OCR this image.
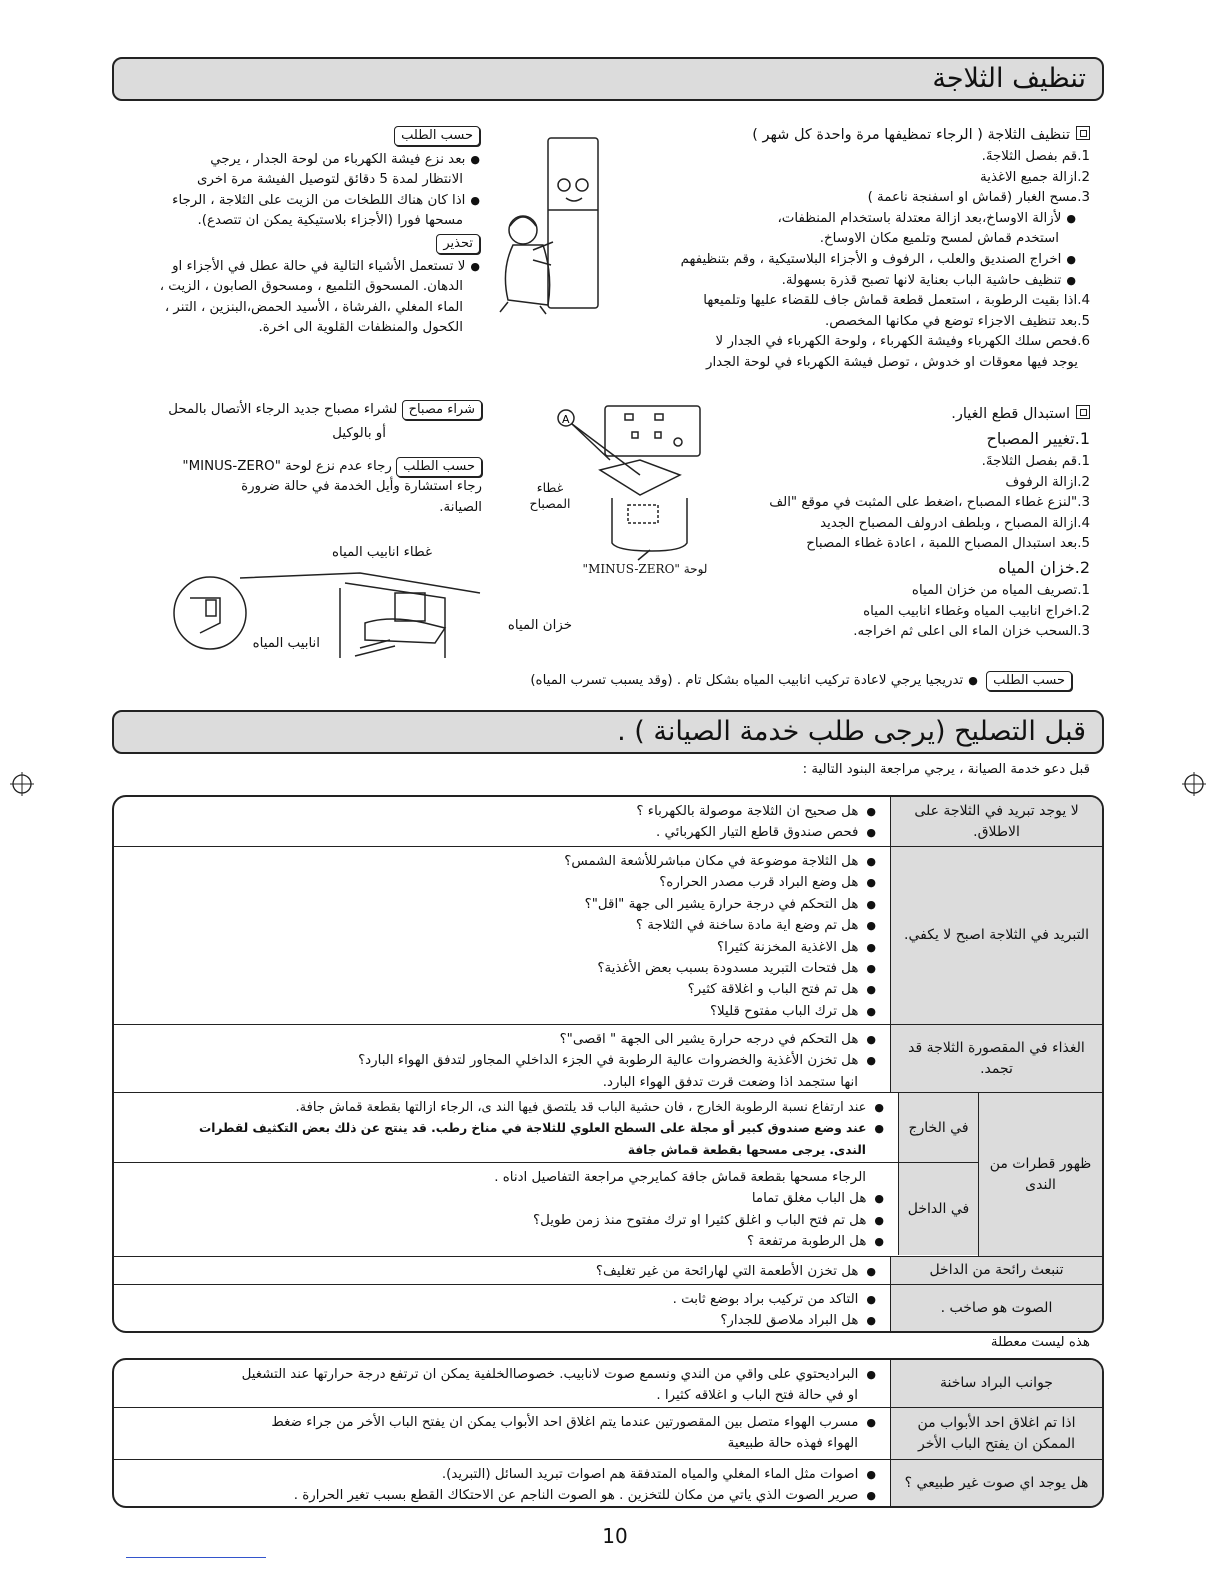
تنظيف الثلاجة
تنظيف الثلاجة ( الرجاء تمظيفها مرة واحدة كل شهر )
1.قم بفصل الثلاجةَ.
2.ازالة جميع الاغذية
3.مسح الغبار (قماش او اسفنجة ناعمة )
● لأزالة الاوساخ،بعد ازالة معتدلة باستخدام المنظفات،
استخدم قماش لمسح وتلميع مكان الاوساخ.
● اخراج الصنديق والعلب ، الرفوف و الأجزاء البلاستيكية ، وقم بتنظيفهم
● تنظيف حاشية الباب بعناية لانها تصبح قذرة بسهولة.
4.اذا بقيت الرطوبة ، استعمل قطعة قماش جاف للقضاء عليها وتلميعها
5.بعد تنظيف الاجزاء توضع في مكانها المخصص.
6.فحص سلك الكهرباء وفيشة الكهرباء ، ولوحة الكهرباء في الجدار لا
يوجد فيها معوقات او خدوش ، توصل فيشة الكهرباء في لوحة الجدار
حسب الطلب
● بعد نزع فيشة الكهرباء من لوحة الجدار ، يرجي
الانتظار لمدة 5 دقائق لتوصيل الفيشة مرة اخرى
● اذا كان هناك اللطخات من الزيت على الثلاجة ، الرجاء
مسحها فورا (الأجزاء بلاستيكية يمكن ان تتصدع).
تحذير
● لا تستعمل الأشياء التالية في حالة عطل في الأجزاء او
الدهان. المسحوق التلميع ، ومسحوق الصابون ، الزيت ،
الماء المغلي ،الفرشاة ، الأسيد الحمض،البنزين ، التنر ،
الكحول والمنظفات القلوية الى اخرة.
استبدال قطع الغيار.
1.تغيير المصباح
1.قم بفصل الثلاجةَ.
2.ازالة الرفوف
3."لنزع غطاء المصباح ،اضغط على المثبت في موقع "الف
4.ازالة المصباح ، وبلطف ادرولف المصباح الجديد
5.بعد استبدال المصباح اللمبة ، اعادة غطاء المصباح
2.خزان المياه
1.تصريف المياه من خزان المياه
2.اخراج انابيب المياه وغطاء انابيب المياه
3.السحب خزان الماء الى اعلى ثم اخراجه.
حسب الطلب ● تدريجيا يرجي لاعادة تركيب انابيب المياه بشكل تام . (وقد يسبب تسرب المياه)
A
غطاء المصباح
لوحة "MINUS-ZERO"
شراء مصباح لشراء مصباح جديد الرجاء الأتصال بالمحل
أو بالوكيل
حسب الطلب رجاء عدم نزع لوحة "MINUS-ZERO"
رجاء استشارة وأيل الخدمة في حالة ضرورة
الصيانة.
غطاء انابيب المياه
خزان المياه
انابيب المياه
قبل التصليح (يرجى طلب خدمة الصيانة ) .
قبل دعو خدمة الصيانة ، يرجي مراجعة البنود التالية :
لا يوجد تبريد في الثلاجة على الاطلاق.
● هل صحيح ان الثلاجة موصولة بالكهرباء ؟
● فحص صندوق قاطع التيار الكهربائي .
التبريد في الثلاجة اصبح لا يكفي.
● هل الثلاجة موضوعة في مكان مباشرللأشعة الشمس؟
● هل وضع البراد قرب مصدر الحراره؟
● هل التحكم في درجة حرارة يشير الى جهة "اقل"؟
● هل تم وضع اية مادة ساخنة في الثلاجة ؟
● هل الاغذية المخزنة كثيرا؟
● هل فتحات التبريد مسدودة بسبب بعض الأغذية؟
● هل تم فتح الباب و اغلاقة كثير؟
● هل ترك الباب مفتوح قليلا؟
الغذاء في المقصورة الثلاجة قد تجمد.
● هل التحكم في درجه حرارة يشير الى الجهة " اقصى"؟
● هل تخزن الأغذية والخضروات عالية الرطوبة في الجزء الداخلي المجاور لتدفق الهواء البارد؟
انها ستجمد اذا وضعت قرت تدفق الهواء البارد.
ظهور قطرات من الندى
في الخارج
● عند ارتفاع نسبة الرطوبة الخارج ، فان حشية الباب قد يلتصق فيها الند ى، الرجاء ازالتها بقطعة قماش جافة.
● عند وضع صندوق كبير أو مجلة على السطح العلوي للثلاجة في مناخ رطب. قد ينتج عن ذلك بعض التكثيف لقطرات
الندى. يرجى مسحها بقطعة قماش جافة
في الداخل
الرجاء مسحها بقطعة قماش جافة كمايرجي مراجعة التفاصيل ادناه .
● هل الباب مغلق تماما
● هل تم فتح الباب و اغلق كثيرا او ترك مفتوح منذ زمن طويل؟
● هل الرطوبة مرتفعة ؟
تنبعث رائحة من الداخل
● هل تخزن الأطعمة التي لهارائحة من غير تغليف؟
الصوت هو صاخب .
● التاكد من تركيب براد بوضع ثابت .
● هل البراد ملاصق للجدار؟
هذه ليست معطلة
جوانب البراد ساخنة
● البراديحتوي على واقي من الندي ونسمع صوت لانابيب. خصوصاالخلفية يمكن ان ترتفع درجة حرارتها عند التشغيل
او في حالة فتح الباب و اغلاقه كثيرا .
اذا تم اغلاق احد الأبواب من الممكن ان يفتح الباب الأخر
● مسرب الهواء متصل بين المقصورتين عندما يتم اغلاق احد الأبواب يمكن ان يفتح الباب الأخر من جراء ضغط
الهواء فهذه حالة طبيعية
هل يوجد اي صوت غير طبيعي ؟
● اصوات مثل الماء المغلي والمياه المتدفقة هم اصوات تبريد السائل (التبريد).
● صرير الصوت الذي ياتي من مكان للتخزين . هو الصوت الناجم عن الاحتكاك القطع بسبب تغير الحرارة .
10
